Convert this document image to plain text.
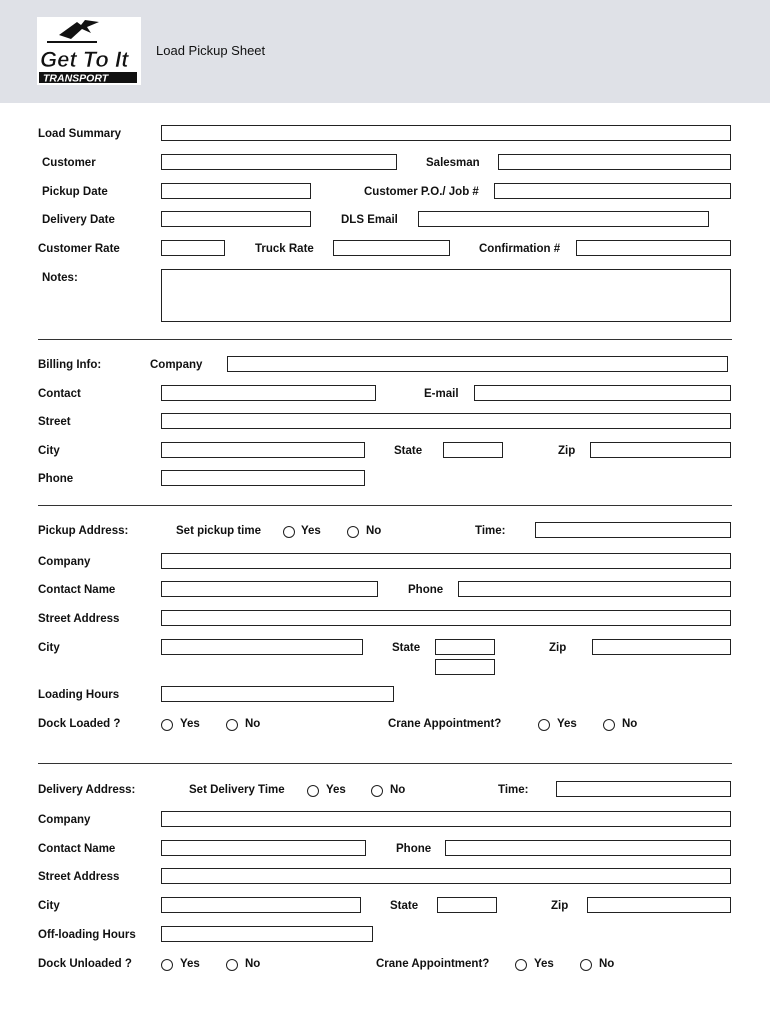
Get To It
TRANSPORT
Load Pickup Sheet
Load Summary
Customer	Salesman
Pickup Date	Customer P.O./ Job #
Delivery Date	DLS Email
Customer Rate	Truck Rate	Confirmation #
Notes:
Billing Info:	Company
Contact	E-mail
Street
City	State	Zip
Phone
Pickup Address:	Set pickup time	Yes	No	Time:
Company
Contact Name	Phone
Street Address
City	State	Zip
Loading Hours
Dock Loaded ?	Yes	No	Crane Appointment?	Yes	No
Delivery Address:	Set Delivery Time	Yes	No	Time:
Company
Contact Name	Phone
Street Address
City	State	Zip
Off-loading Hours
Dock Unloaded ?	Yes	No	Crane Appointment?	Yes	No
